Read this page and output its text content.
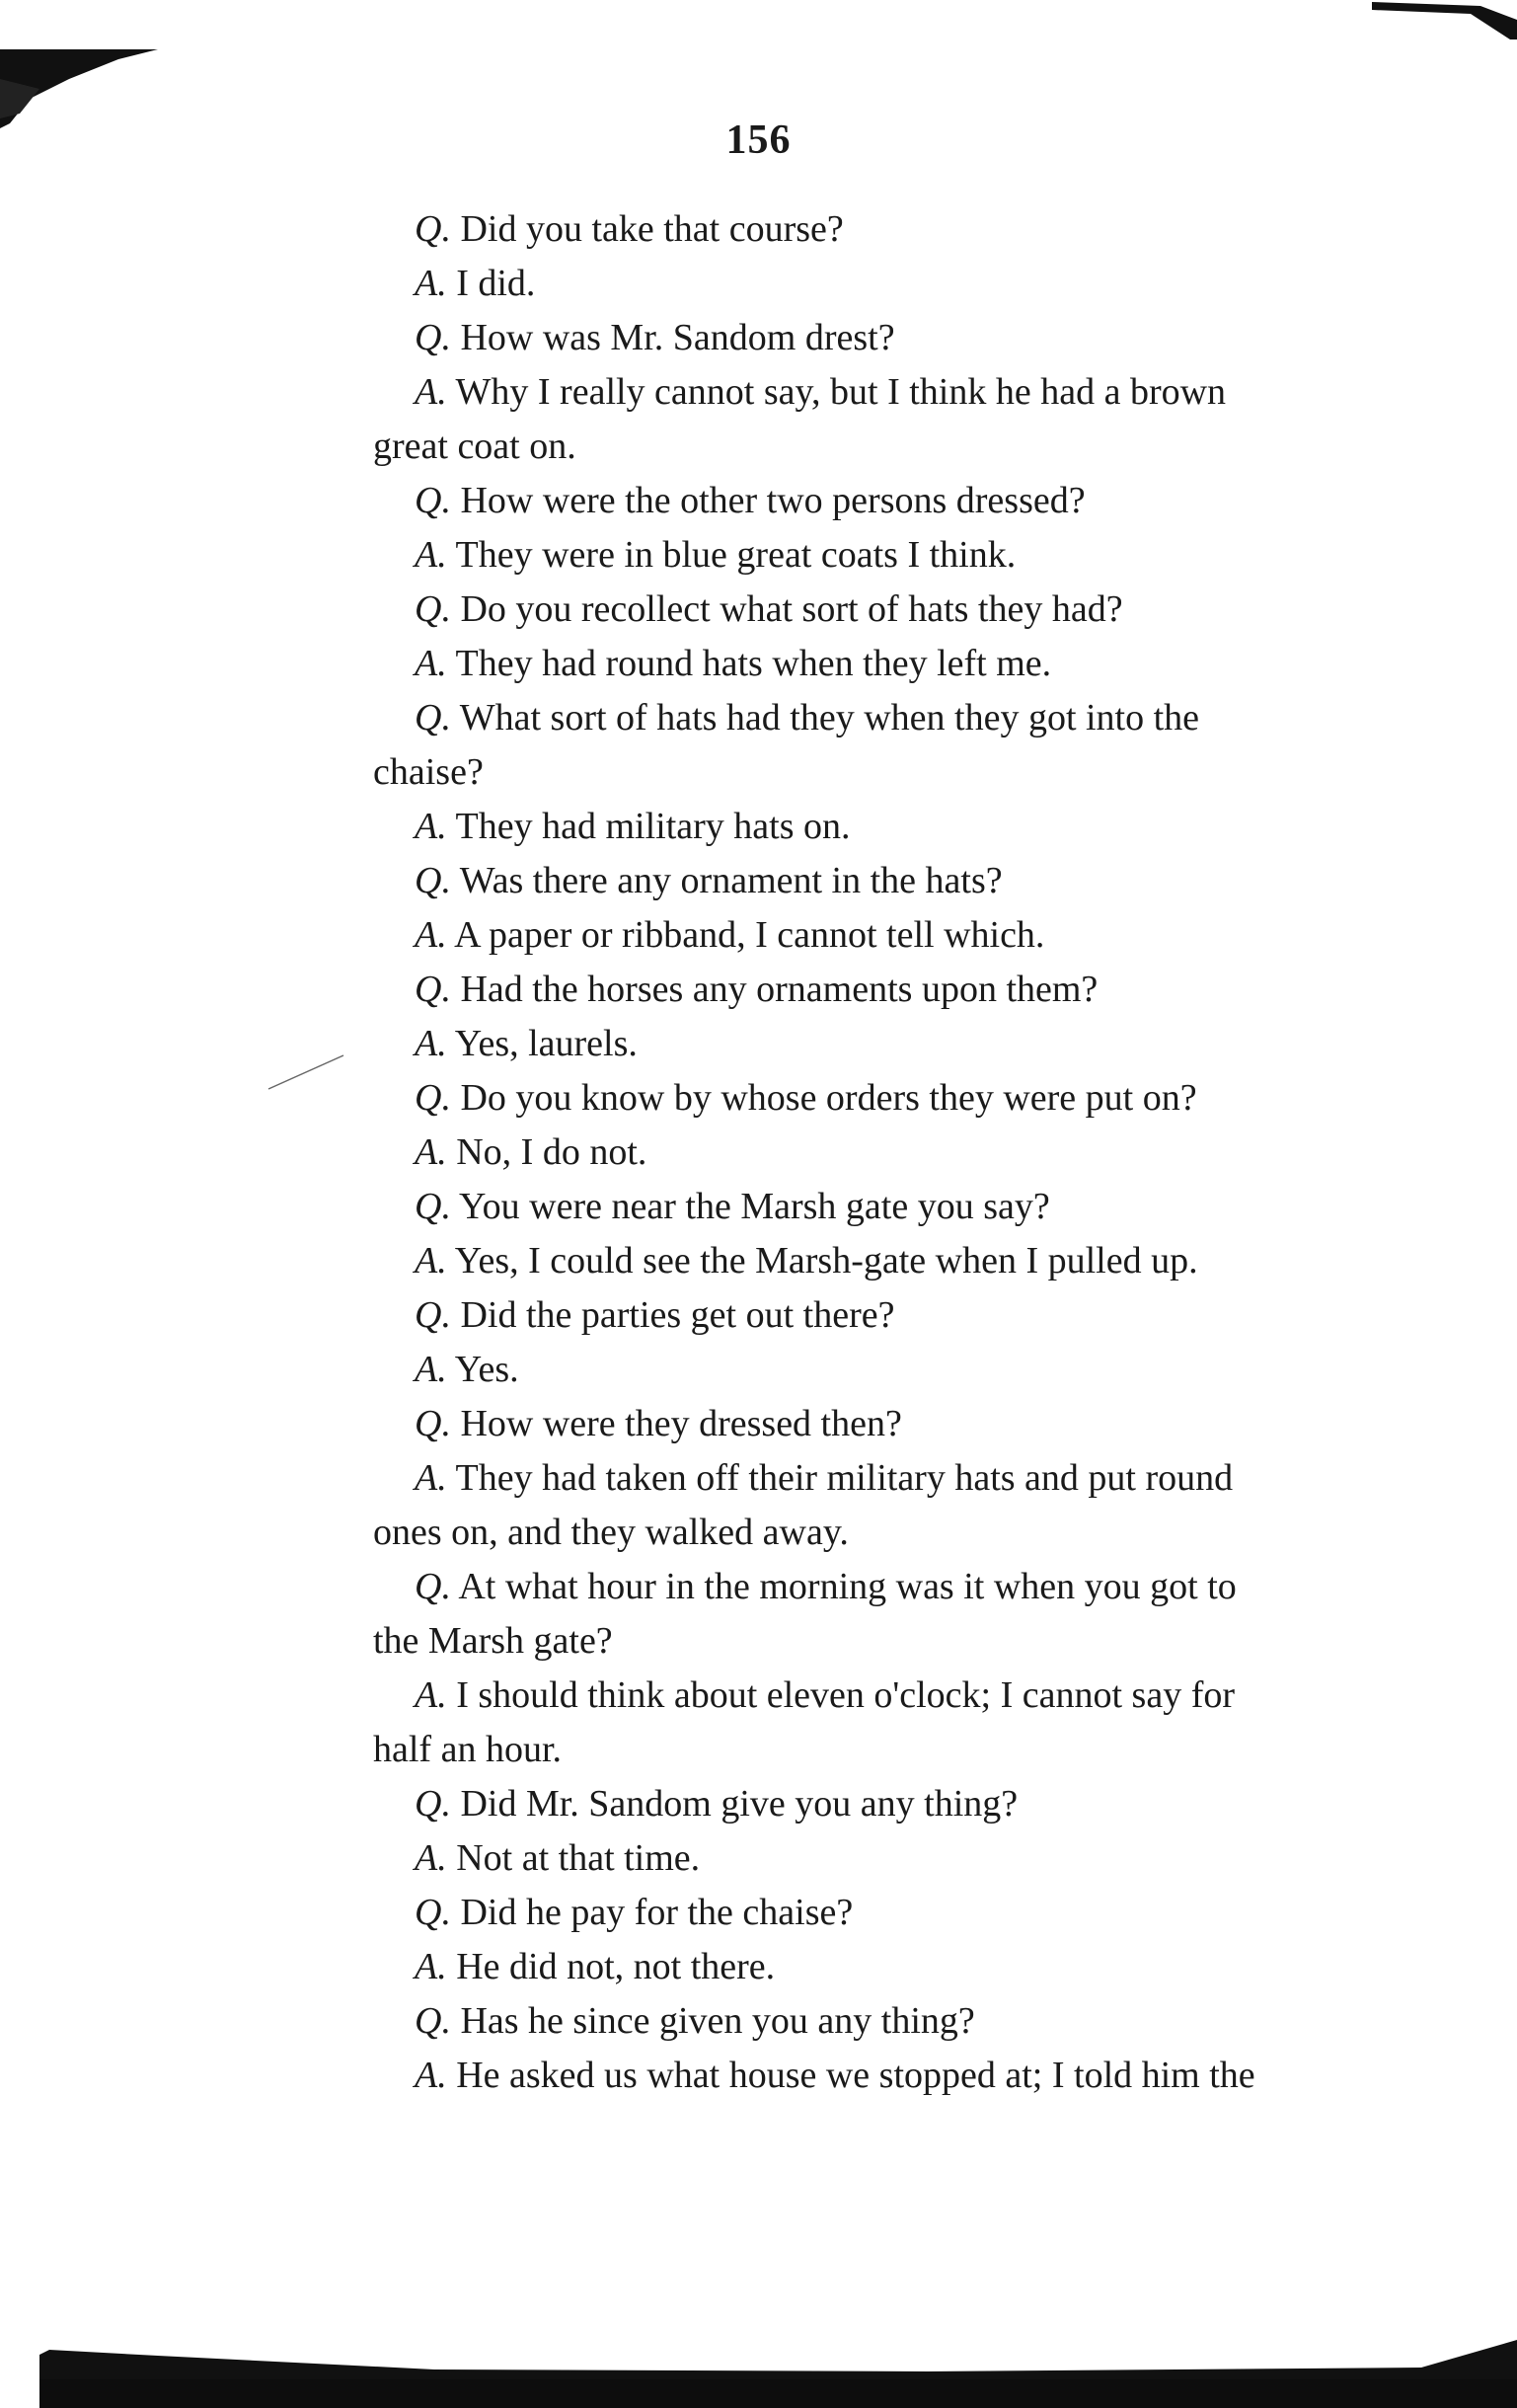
156
Q. Did you take that course?
A. I did.
Q. How was Mr. Sandom drest?
A. Why I really cannot say, but I think he had a brown
great coat on.
Q. How were the other two persons dressed?
A. They were in blue great coats I think.
Q. Do you recollect what sort of hats they had?
A. They had round hats when they left me.
Q. What sort of hats had they when they got into the
chaise?
A. They had military hats on.
Q. Was there any ornament in the hats?
A. A paper or ribband, I cannot tell which.
Q. Had the horses any ornaments upon them?
A. Yes, laurels.
Q. Do you know by whose orders they were put on?
A. No, I do not.
Q. You were near the Marsh gate you say?
A. Yes, I could see the Marsh-gate when I pulled up.
Q. Did the parties get out there?
A. Yes.
Q. How were they dressed then?
A. They had taken off their military hats and put round
ones on, and they walked away.
Q. At what hour in the morning was it when you got to
the Marsh gate?
A. I should think about eleven o'clock; I cannot say for
half an hour.
Q. Did Mr. Sandom give you any thing?
A. Not at that time.
Q. Did he pay for the chaise?
A. He did not, not there.
Q. Has he since given you any thing?
A. He asked us what house we stopped at; I told him the
